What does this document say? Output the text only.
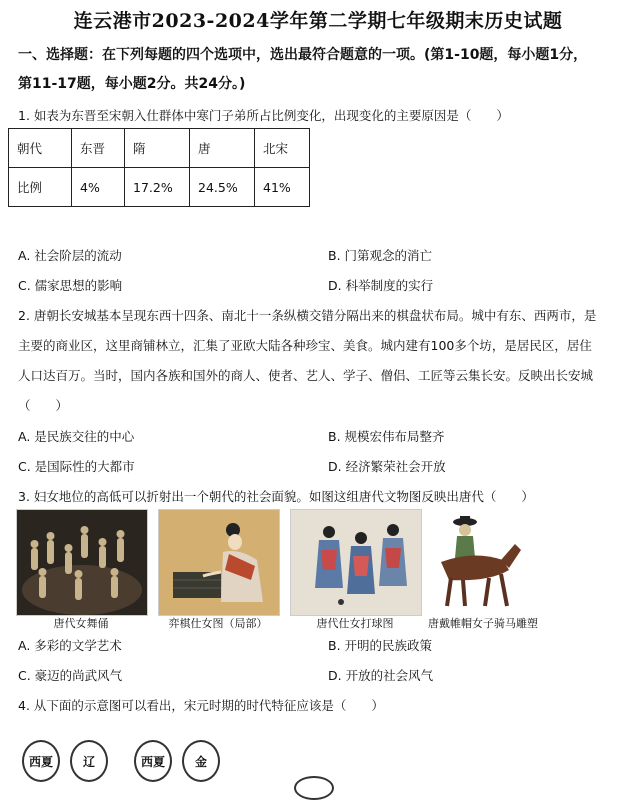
连云港市2023-2024学年第二学期七年级期末历史试题
一、选择题：在下列每题的四个选项中，选出最符合题意的一项。(第1-10题，每小题1分，
第11-17题，每小题2分。共24分。)
1. 如表为东晋至宋朝入仕群体中寒门子弟所占比例变化，出现变化的主要原因是（　　）
朝代	东晋	隋	唐	北宋
比例	4%	17.2%	24.5%	41%
A. 社会阶层的流动	B. 门第观念的消亡
C. 儒家思想的影响	D. 科举制度的实行
2. 唐朝长安城基本呈现东西十四条、南北十一条纵横交错分隔出来的棋盘状布局。城中有东、西两市，是
主要的商业区，这里商铺林立，汇集了亚欧大陆各种珍宝、美食。城内建有100多个坊，是居民区，居住
人口达百万。当时，国内各族和国外的商人、使者、艺人、学子、僧侣、工匠等云集长安。反映出长安城
（　　）
A. 是民族交往的中心	B. 规模宏伟布局整齐
C. 是国际性的大都市	D. 经济繁荣社会开放
3. 妇女地位的高低可以折射出一个朝代的社会面貌。如图这组唐代文物图反映出唐代（　　）
唐代女舞俑	弈棋仕女图（局部）	唐代仕女打球图	唐戴帷帽女子骑马雕塑
A. 多彩的文学艺术	B. 开明的民族政策
C. 豪迈的尚武风气	D. 开放的社会风气
4. 从下面的示意图可以看出，宋元时期的时代特征应该是（　　）
西夏	辽	西夏	金
